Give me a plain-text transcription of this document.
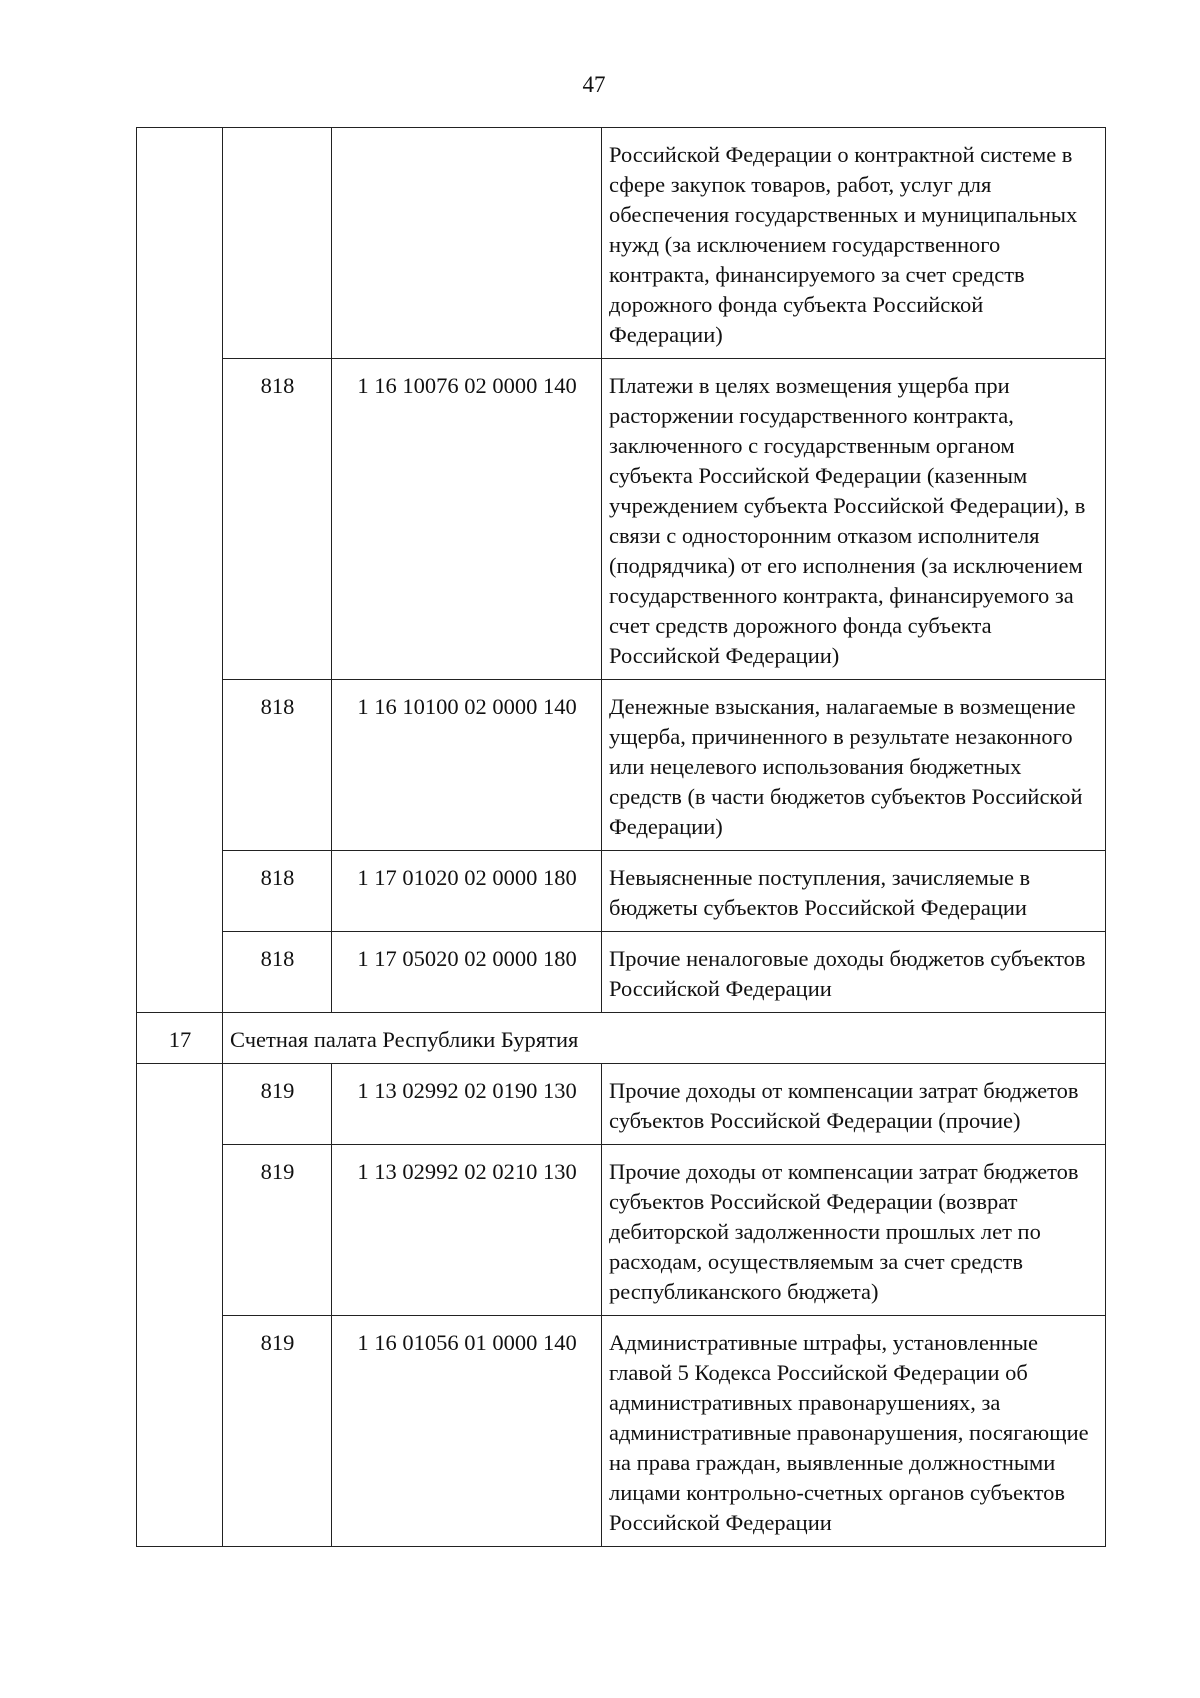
47
			Российской Федерации о контрактной системе в сфере закупок товаров, работ, услуг для обеспечения государственных и муниципальных нужд (за исключением государственного контракта, финансируемого за счет средств дорожного фонда субъекта Российской Федерации)
	818	1 16 10076 02 0000 140	Платежи в целях возмещения ущерба при расторжении государственного контракта, заключенного с государственным органом субъекта Российской Федерации (казенным учреждением субъекта Российской Федерации), в связи с односторонним отказом исполнителя (подрядчика) от его исполнения (за исключением государственного контракта, финансируемого за счет средств дорожного фонда субъекта Российской Федерации)
	818	1 16 10100 02 0000 140	Денежные взыскания, налагаемые в возмещение ущерба, причиненного в результате незаконного или нецелевого использования бюджетных средств (в части бюджетов субъектов Российской Федерации)
	818	1 17 01020 02 0000 180	Невыясненные поступления, зачисляемые в бюджеты субъектов Российской Федерации
	818	1 17 05020 02 0000 180	Прочие неналоговые доходы бюджетов субъектов Российской Федерации
17	Счетная палата Республики Бурятия		
	819	1 13 02992 02 0190 130	Прочие доходы от компенсации затрат бюджетов субъектов Российской Федерации (прочие)
	819	1 13 02992 02 0210 130	Прочие доходы от компенсации затрат бюджетов субъектов Российской Федерации (возврат дебиторской задолженности прошлых лет по расходам, осуществляемым за счет средств республиканского бюджета)
	819	1 16 01056 01 0000 140	Административные штрафы, установленные главой 5 Кодекса Российской Федерации об административных правонарушениях, за административные правонарушения, посягающие на права граждан, выявленные должностными лицами контрольно-счетных органов субъектов Российской Федерации
